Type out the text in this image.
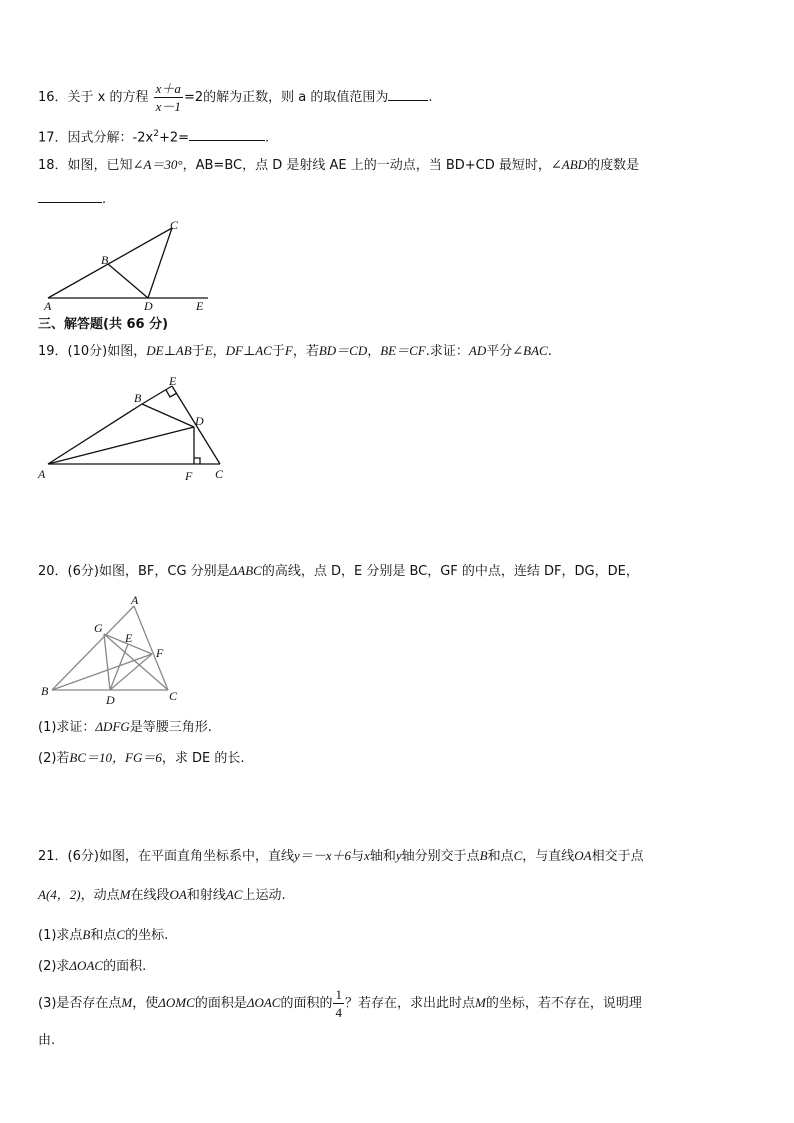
16．关于 x 的方程 $\frac{x+a}{x-1} =2$的解为正数，则 a 的取值范围为	.
17．因式分解：$-2x^2+2=$	.
18．如图，已知∠A＝30°，AB=BC，点 D 是射线 AE 上的一动点，当 BD+CD 最短时，∠ABD的度数是
.
A
B
C
D	E
三、解答题(共 66 分)
19．(10分)如图，DE⊥AB于E，DF⊥AC于F，若BD＝CD，BE＝CF.求证：AD平分∠BAC.
A
B
E
D
F C
20．(6分)如图，BF，CG 分别是ΔABC的高线，点 D，E 分别是 BC，GF 的中点，连结 DF，DG，DE，
A
G
E
F
B
D	C
(1)求证：ΔDFG是等腰三角形.
(2)若BC＝10，FG＝6，求 DE 的长.
21．(6分)如图，在平面直角坐标系中，直线y＝－x＋6与x轴和y轴分别交于点B和点C，与直线OA相交于点
A(4，2)，动点M在线段OA和射线AC上运动.
(1)求点B和点C的坐标.
(2)求ΔOAC的面积.
(3)是否存在点M，使ΔOMC的面积是ΔOAC的面积的 $\frac{1}{4}$ ？若存在，求出此时点M的坐标，若不存在，说明理
由.
